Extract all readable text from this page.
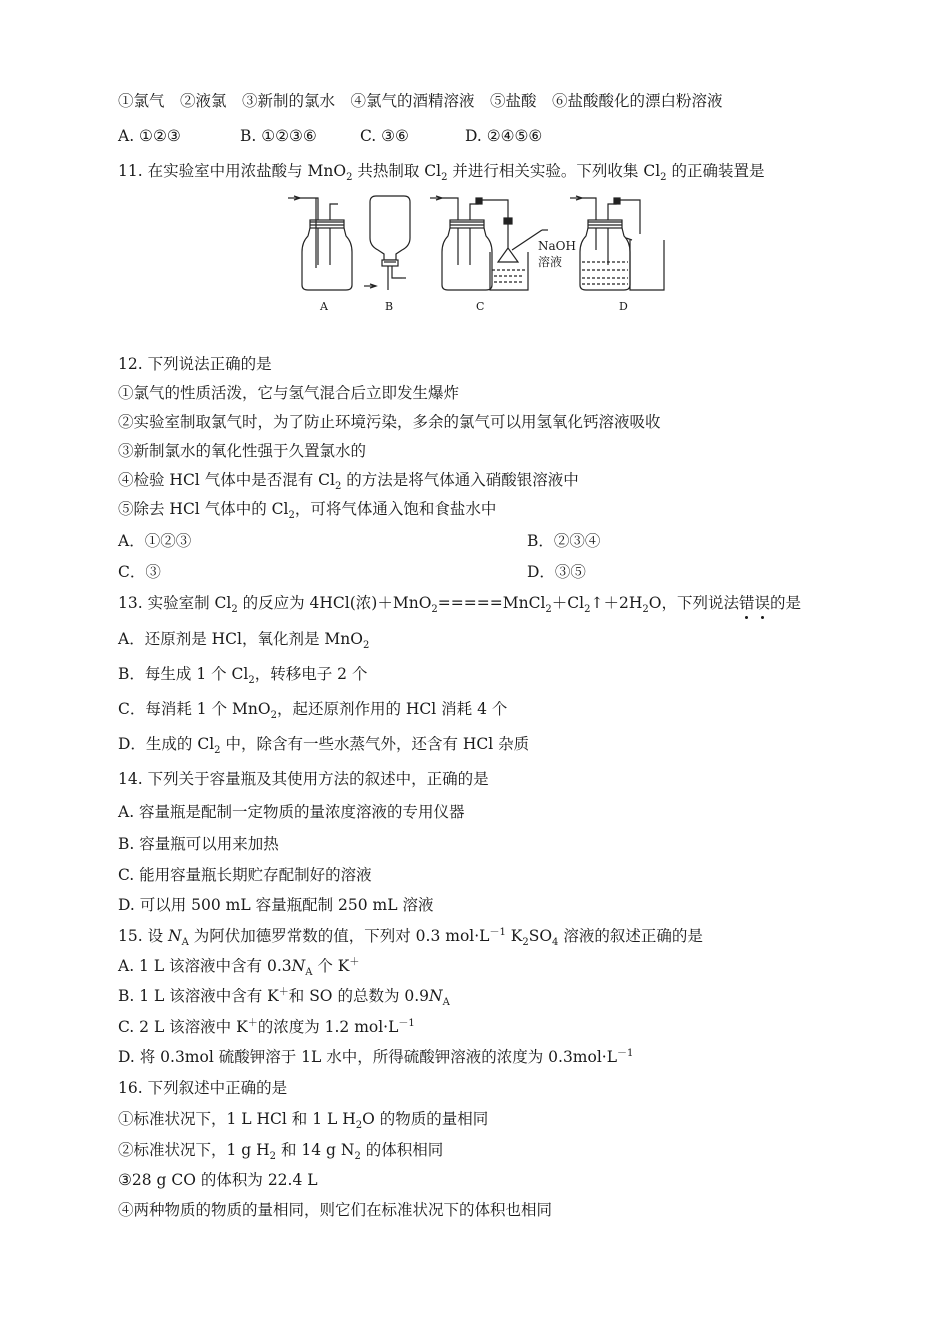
①氯气　②液氯　③新制的氯水　④氯气的酒精溶液　⑤盐酸　⑥盐酸酸化的漂白粉溶液
A. ①②③	B. ①②③⑥	C. ③⑥	D. ②④⑤⑥
11. 在实验室中用浓盐酸与 MnO$_2$ 共热制取 $Cl_2$ 并进行相关实验。下列收集 $Cl_2$ 的正确装置是
NaOH
溶液
A	B	C	D
12. 下列说法正确的是
①氯气的性质活泼，它与氢气混合后立即发生爆炸
②实验室制取氯气时，为了防止环境污染，多余的氯气可以用氢氧化钙溶液吸收
③新制氯水的氧化性强于久置氯水的
④检验 HCl 气体中是否混有 $Cl_2$ 的方法是将气体通入硝酸银溶液中
⑤除去 HCl 气体中的 $Cl_2$，可将气体通入饱和食盐水中
A．①②③	B．②③④
C．③	D．③⑤
13. 实验室制 $Cl_2$ 的反应为 4HCl(浓)$+MnO_2=====MnCl_2+Cl_2↑+2H_2O$，下列说法错
误
的是
A．还原剂是 HCl，氧化剂是 MnO$_2$
B．每生成 1 个 $Cl_2$，转移电子 2 个
C．每消耗 1 个 MnO$_2$，起还原剂作用的 HCl 消耗 4 个
D．生成的 $Cl_2$ 中，除含有一些水蒸气外，还含有 HCl 杂质
14. 下列关于容量瓶及其使用方法的叙述中，正确的是
A. 容量瓶是配制一定物质的量浓度溶液的专用仪器
B. 容量瓶可以用来加热
C. 能用容量瓶长期贮存配制好的溶液
D. 可以用 500 mL 容量瓶配制 250 mL 溶液
15. 设 $N_A$ 为阿伏加德罗常数的值，下列对 0.3 $mol\cdot L^{-1}$ $K_2SO_4$ 溶液的叙述正确的是
A. 1 L 该溶液中含有 $0.3N_A$ 个 K＋
B. 1 L 该溶液中含有 K＋和 SO 的总数为 $0.9N_A$
C. 2 L 该溶液中 K＋的浓度为 1.2 $mol\cdot L^{-1}$
D. 将 0.3mol 硫酸钾溶于 1L 水中，所得硫酸钾溶液的浓度为 $0.3mol\cdot L^{-1}$
16. 下列叙述中正确的是
①标准状况下，1 L HCl 和 1 L $H_2O$ 的物质的量相同
②标准状况下，1 g $H_2$ 和 14 g $N_2$ 的体积相同
③28 g CO 的体积为 22.4 L
④两种物质的物质的量相同，则它们在标准状况下的体积也相同
